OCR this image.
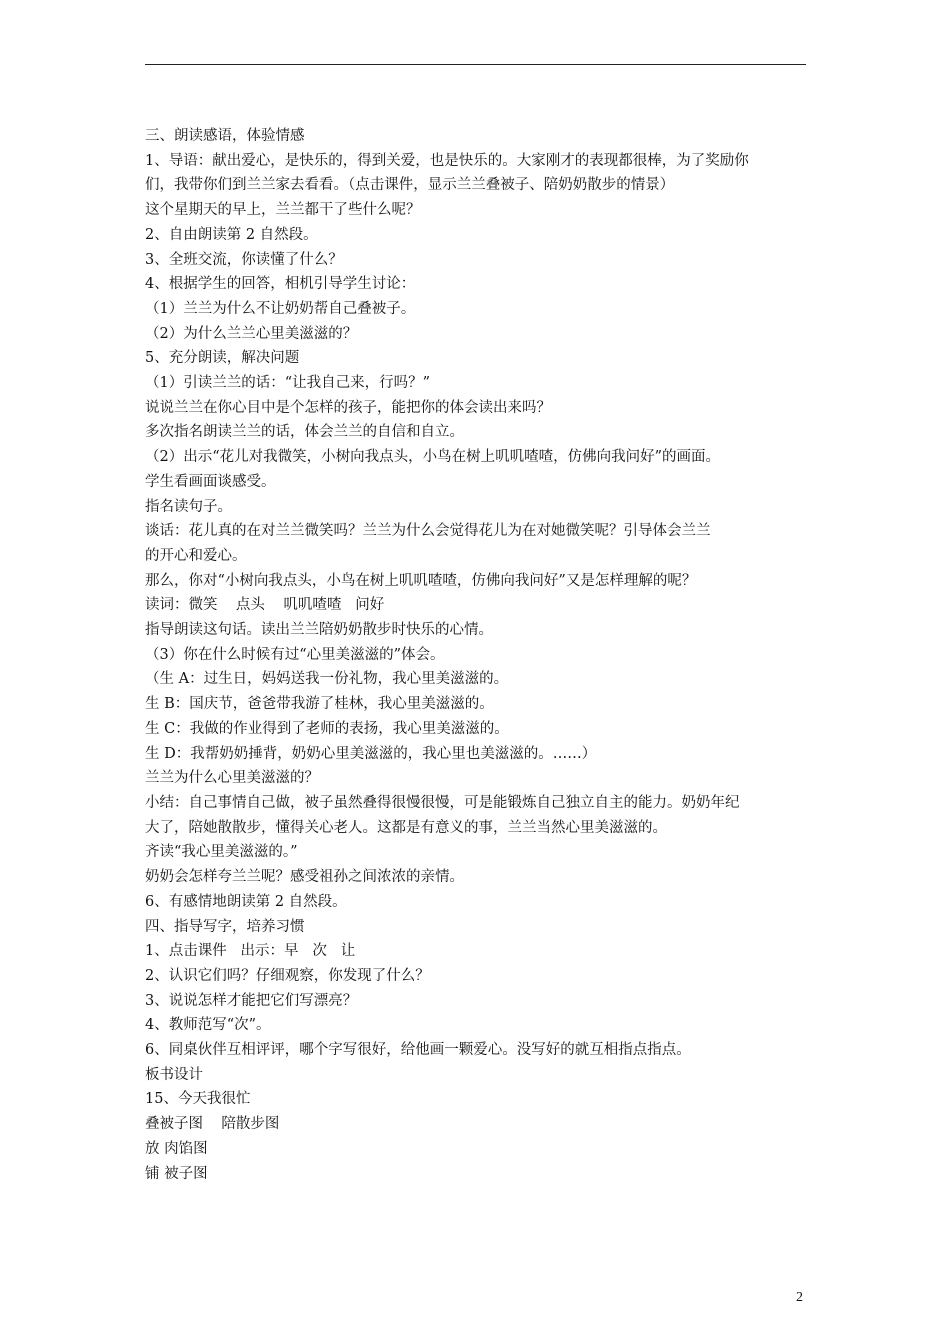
三、朗读感语，体验情感

1、导语：献出爱心，是快乐的，得到关爱，也是快乐的。大家刚才的表现都很棒，为了奖励你

们，我带你们到兰兰家去看看。（点击课件，显示兰兰叠被子、陪奶奶散步的情景）

这个星期天的早上，兰兰都干了些什么呢？

2、自由朗读第 2 自然段。

3、全班交流，你读懂了什么？

4、根据学生的回答，相机引导学生讨论：

（1）兰兰为什么不让奶奶帮自己叠被子。

（2）为什么兰兰心里美滋滋的？

5、充分朗读，解决问题

（1）引读兰兰的话：“让我自己来，行吗？”

说说兰兰在你心目中是个怎样的孩子，能把你的体会读出来吗？

多次指名朗读兰兰的话，体会兰兰的自信和自立。

（2）出示“花儿对我微笑，小树向我点头，小鸟在树上叽叽喳喳，仿佛向我问好”的画面。

学生看画面谈感受。

指名读句子。

谈话：花儿真的在对兰兰微笑吗？兰兰为什么会觉得花儿为在对她微笑呢？引导体会兰兰

的开心和爱心。

那么，你对“小树向我点头，小鸟在树上叽叽喳喳，仿佛向我问好”又是怎样理解的呢？

读词：微笑    点头    叽叽喳喳   问好

指导朗读这句话。读出兰兰陪奶奶散步时快乐的心情。

（3）你在什么时候有过“心里美滋滋的”体会。

（生 A：过生日，妈妈送我一份礼物，我心里美滋滋的。

生 B：国庆节，爸爸带我游了桂林，我心里美滋滋的。

生 C：我做的作业得到了老师的表扬，我心里美滋滋的。

生 D：我帮奶奶捶背，奶奶心里美滋滋的，我心里也美滋滋的。……）

兰兰为什么心里美滋滋的？

小结：自己事情自己做，被子虽然叠得很慢很慢，可是能锻炼自己独立自主的能力。奶奶年纪

大了，陪她散散步，懂得关心老人。这都是有意义的事，兰兰当然心里美滋滋的。

齐读“我心里美滋滋的。”

奶奶会怎样夸兰兰呢？感受祖孙之间浓浓的亲情。

6、有感情地朗读第 2 自然段。

四、指导写字，培养习惯

1、点击课件   出示：早   次   让

2、认识它们吗？仔细观察，你发现了什么？

3、说说怎样才能把它们写漂亮？

4、教师范写“次”。

6、同桌伙伴互相评评，哪个字写很好，给他画一颗爱心。没写好的就互相指点指点。

板书设计

15、今天我很忙

叠被子图    陪散步图

放 肉馅图

铺 被子图

2
